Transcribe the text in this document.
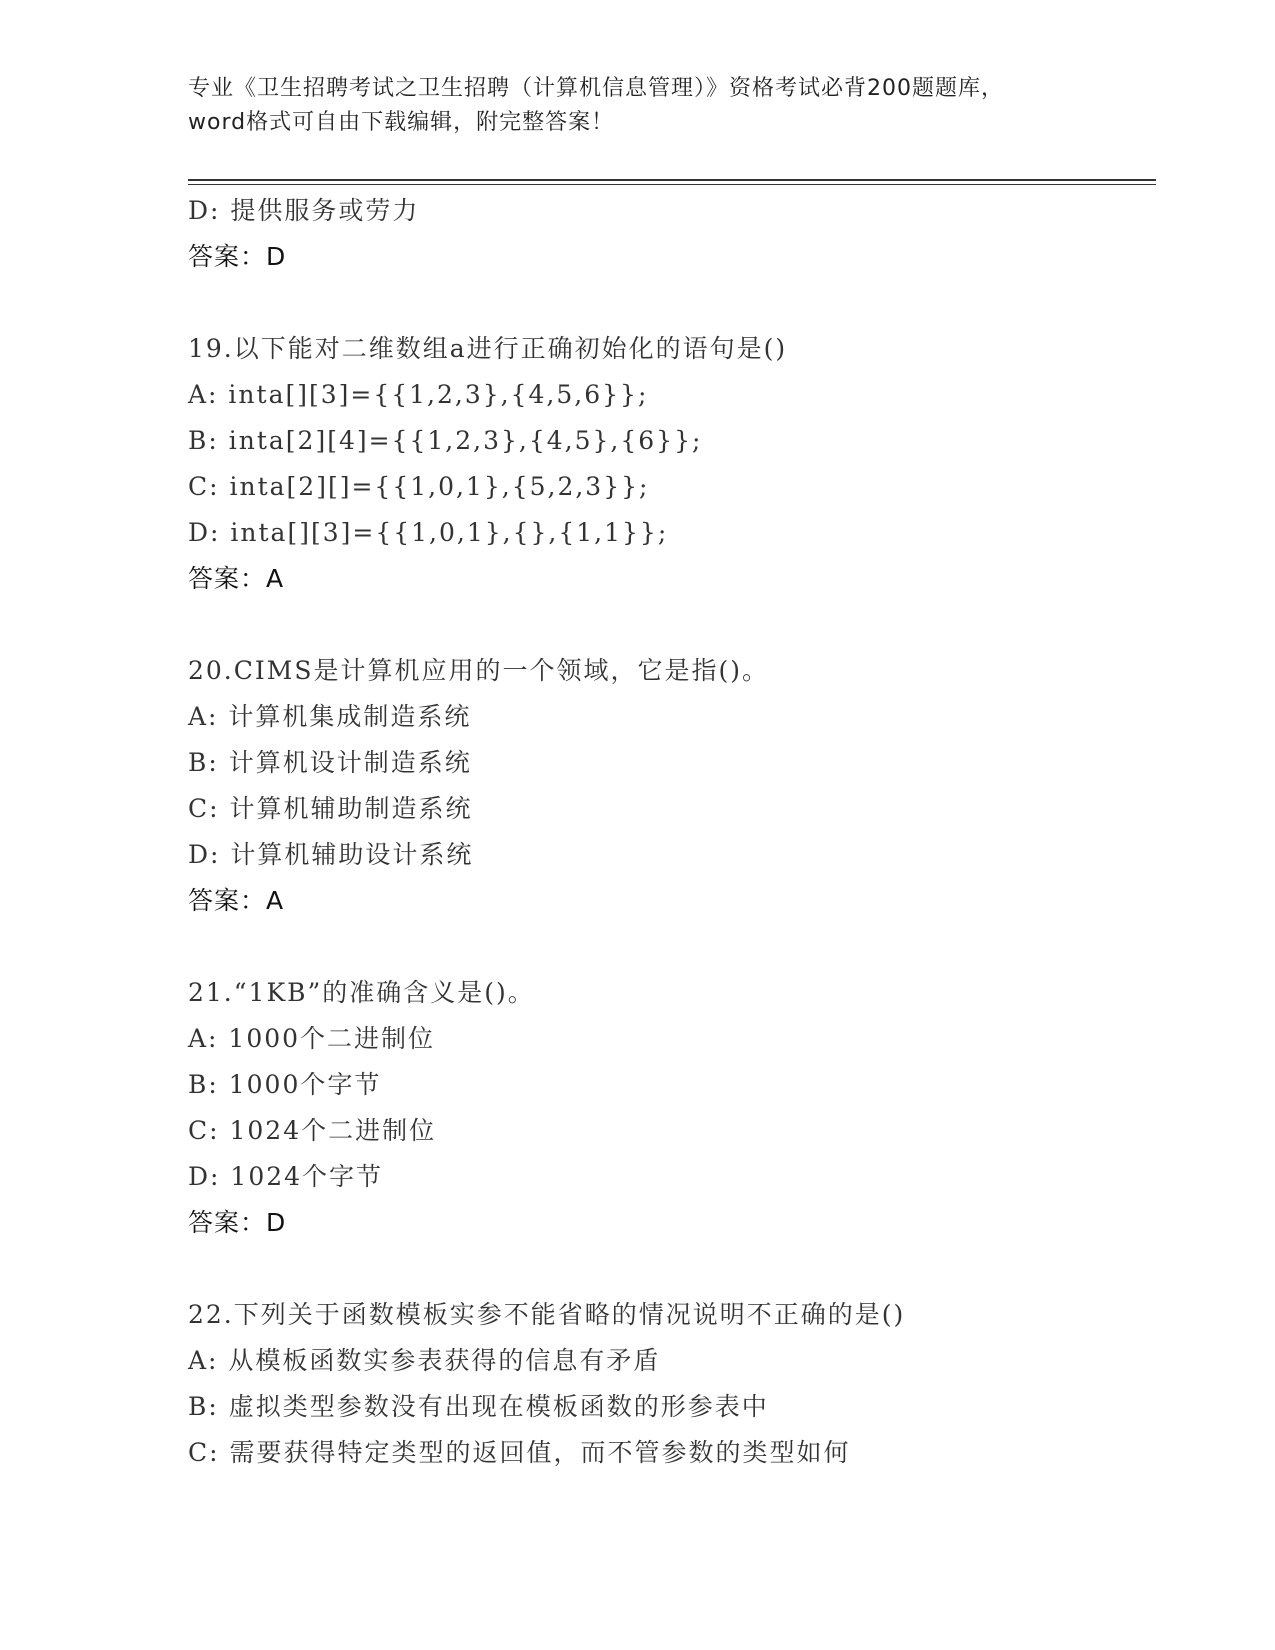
专业《卫生招聘考试之卫生招聘（计算机信息管理）》资格考试必背200题题库，
word格式可自由下载编辑，附完整答案！
D: 提供服务或劳力
答案：D
19.以下能对二维数组a进行正确初始化的语句是()
A: inta[][3]={{1,2,3},{4,5,6}};
B: inta[2][4]={{1,2,3},{4,5},{6}};
C: inta[2][]={{1,0,1},{5,2,3}};
D: inta[][3]={{1,0,1},{},{1,1}};
答案：A
20.CIMS是计算机应用的一个领域，它是指()。
A: 计算机集成制造系统
B: 计算机设计制造系统
C: 计算机辅助制造系统
D: 计算机辅助设计系统
答案：A
21.“1KB”的准确含义是()。
A: 1000个二进制位
B: 1000个字节
C: 1024个二进制位
D: 1024个字节
答案：D
22.下列关于函数模板实参不能省略的情况说明不正确的是()
A: 从模板函数实参表获得的信息有矛盾
B: 虚拟类型参数没有出现在模板函数的形参表中
C: 需要获得特定类型的返回值，而不管参数的类型如何
